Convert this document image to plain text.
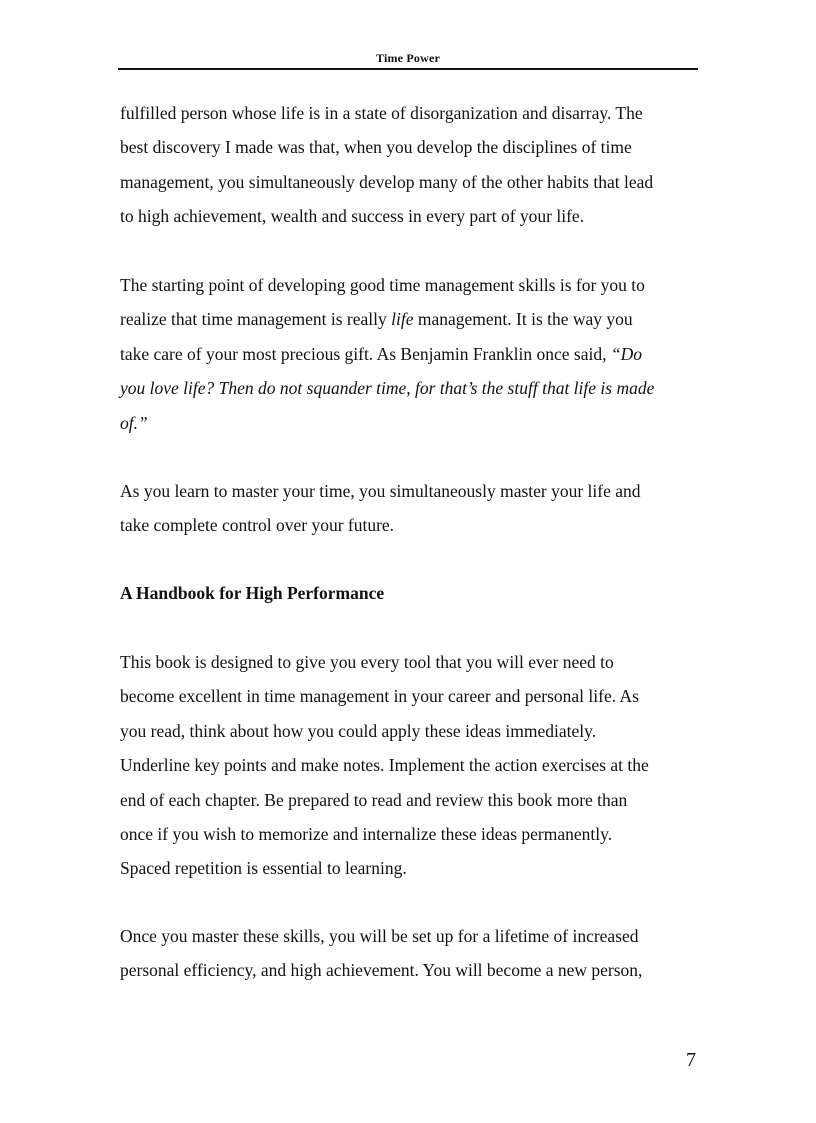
Time Power

fulfilled person whose life is in a state of disorganization and disarray. The
best discovery I made was that, when you develop the disciplines of time
management, you simultaneously develop many of the other habits that lead
to high achievement, wealth and success in every part of your life.

The starting point of developing good time management skills is for you to
realize that time management is really life management. It is the way you
take care of your most precious gift. As Benjamin Franklin once said, “Do
you love life? Then do not squander time, for that’s the stuff that life is made
of.”

As you learn to master your time, you simultaneously master your life and
take complete control over your future.

A Handbook for High Performance

This book is designed to give you every tool that you will ever need to
become excellent in time management in your career and personal life. As
you read, think about how you could apply these ideas immediately.
Underline key points and make notes. Implement the action exercises at the
end of each chapter. Be prepared to read and review this book more than
once if you wish to memorize and internalize these ideas permanently.
Spaced repetition is essential to learning.

Once you master these skills, you will be set up for a lifetime of increased
personal efficiency, and high achievement. You will become a new person,

7
